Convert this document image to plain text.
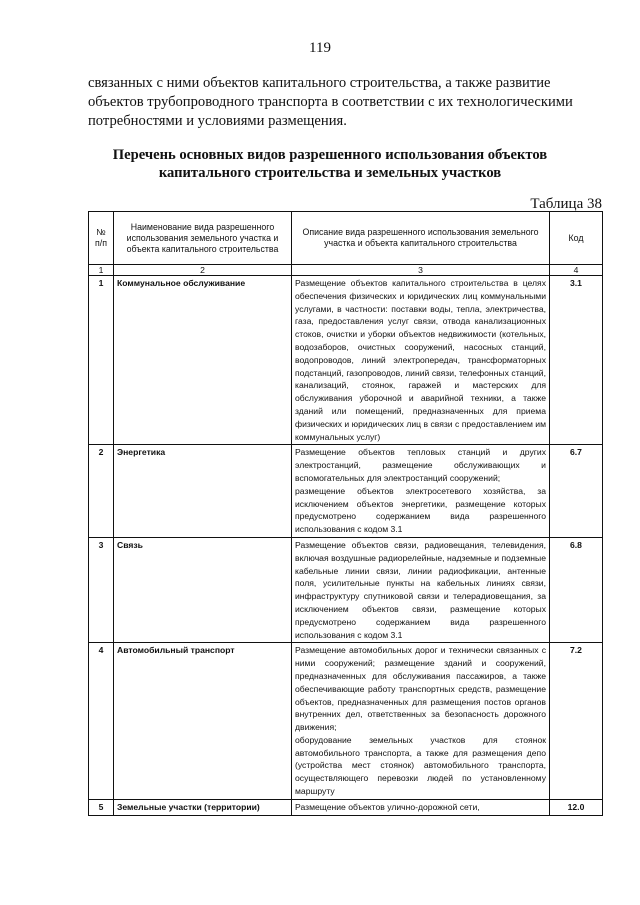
119
связанных с ними объектов капитального строительства, а также развитие
объектов трубопроводного транспорта в соответствии с их технологическими
потребностями и условиями размещения.
Перечень основных видов разрешенного использования объектов
капитального строительства и земельных участков
Таблица 38
№ п/п	Наименование вида разрешенного использования земельного участка и объекта капитального строительства	Описание вида разрешенного использования земельного участка и объекта капитального строительства	Код
1	2	3	4
1	Коммунальное обслуживание	Размещение объектов капитального строительства в целях обеспечения физических и юридических лиц коммунальными услугами, в частности: поставки воды, тепла, электричества, газа, предоставления услуг связи, отвода канализационных стоков, очистки и уборки объектов недвижимости (котельных, водозаборов, очистных сооружений, насосных станций, водопроводов, линий электропередач, трансформаторных подстанций, газопроводов, линий связи, телефонных станций, канализаций, стоянок, гаражей и мастерских для обслуживания уборочной и аварийной техники, а также зданий или помещений, предназначенных для приема физических и юридических лиц в связи с предоставлением им коммунальных услуг)	3.1
2	Энергетика	Размещение объектов тепловых станций и других электростанций, размещение обслуживающих и вспомогательных для электростанций сооружений;
размещение объектов электросетевого хозяйства, за исключением объектов энергетики, размещение которых предусмотрено содержанием вида разрешенного использования с кодом 3.1	6.7
3	Связь	Размещение объектов связи, радиовещания, телевидения, включая воздушные радиорелейные, надземные и подземные кабельные линии связи, линии радиофикации, антенные поля, усилительные пункты на кабельных линиях связи, инфраструктуру спутниковой связи и телерадиовещания, за исключением объектов связи, размещение которых предусмотрено содержанием вида разрешенного использования с кодом 3.1	6.8
4	Автомобильный транспорт	Размещение автомобильных дорог и технически связанных с ними сооружений; размещение зданий и сооружений, предназначенных для обслуживания пассажиров, а также обеспечивающие работу транспортных средств, размещение объектов, предназначенных для размещения постов органов внутренних дел, ответственных за безопасность дорожного движения;
оборудование земельных участков для стоянок автомобильного транспорта, а также для размещения депо (устройства мест стоянок) автомобильного транспорта, осуществляющего перевозки людей по установленному маршруту	7.2
5	Земельные участки (территории)	Размещение объектов улично-дорожной сети,	12.0
